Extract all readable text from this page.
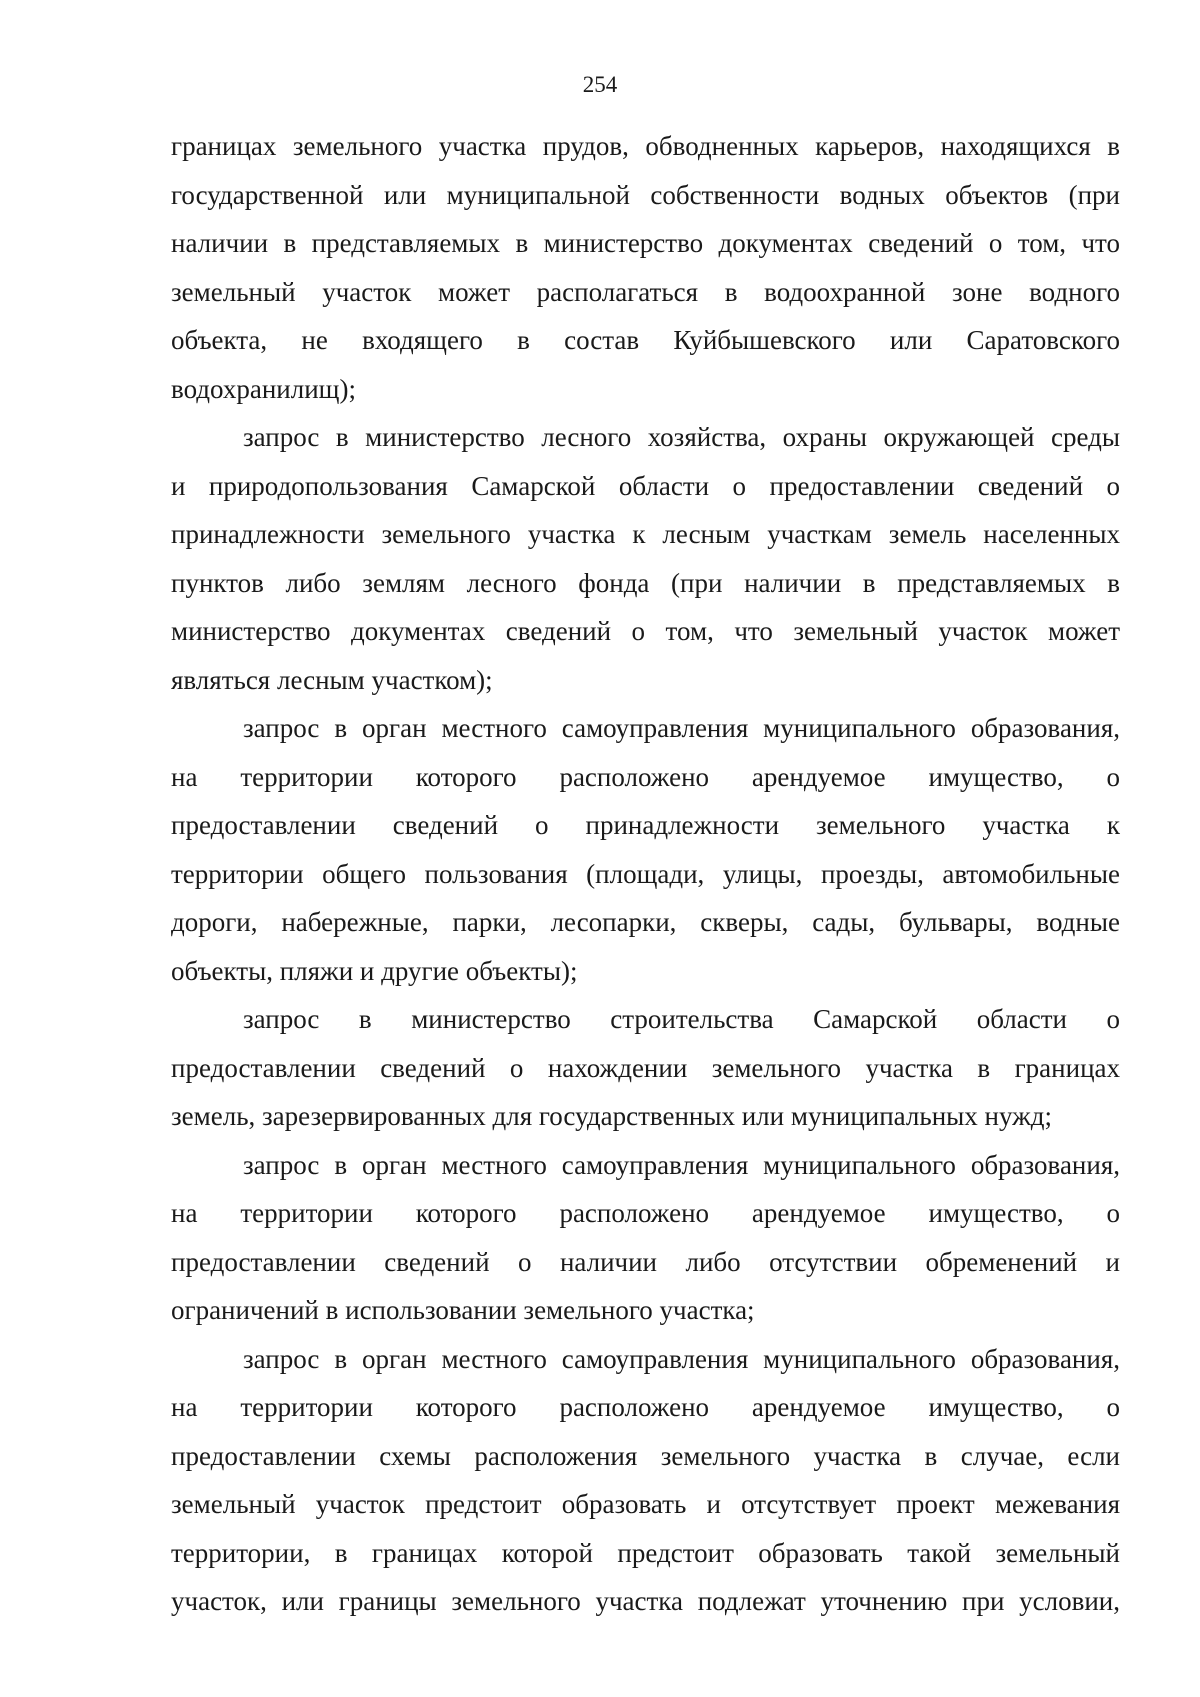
254

границах земельного участка прудов, обводненных карьеров, находящихся в
государственной или муниципальной собственности водных объектов (при
наличии в представляемых в министерство документах сведений о том, что
земельный участок может располагаться в водоохранной зоне водного
объекта, не входящего в состав Куйбышевского или Саратовского
водохранилищ);

запрос в министерство лесного хозяйства, охраны окружающей среды
и природопользования Самарской области о предоставлении сведений о
принадлежности земельного участка к лесным участкам земель населенных
пунктов либо землям лесного фонда (при наличии в представляемых в
министерство документах сведений о том, что земельный участок может
являться лесным участком);

запрос в орган местного самоуправления муниципального образования,
на территории которого расположено арендуемое имущество, о
предоставлении сведений о принадлежности земельного участка к
территории общего пользования (площади, улицы, проезды, автомобильные
дороги, набережные, парки, лесопарки, скверы, сады, бульвары, водные
объекты, пляжи и другие объекты);

запрос в министерство строительства Самарской области о
предоставлении сведений о нахождении земельного участка в границах
земель, зарезервированных для государственных или муниципальных нужд;

запрос в орган местного самоуправления муниципального образования,
на территории которого расположено арендуемое имущество, о
предоставлении сведений о наличии либо отсутствии обременений и
ограничений в использовании земельного участка;

запрос в орган местного самоуправления муниципального образования,
на территории которого расположено арендуемое имущество, о
предоставлении схемы расположения земельного участка в случае, если
земельный участок предстоит образовать и отсутствует проект межевания
территории, в границах которой предстоит образовать такой земельный
участок, или границы земельного участка подлежат уточнению при условии,
